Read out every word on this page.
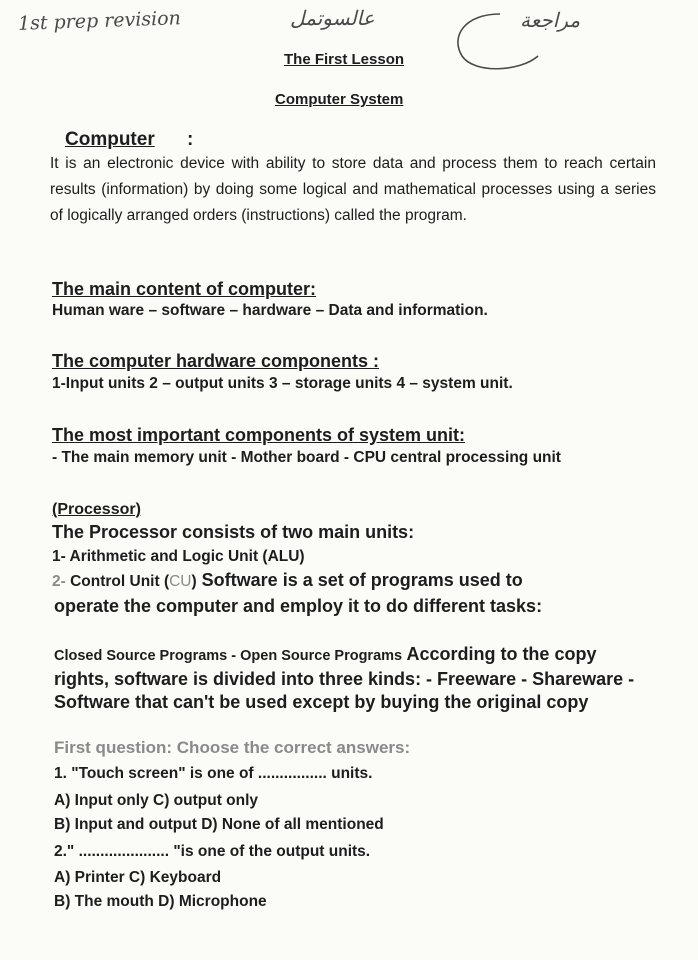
1st prep revision	عالسوتمل	مراجعة
The First Lesson
Computer System
Computer :
It is an electronic device with ability to store data and process them to reach certain results (information) by doing some logical and mathematical processes using a series of logically arranged orders (instructions) called the program.
The main content of computer:
Human ware – software – hardware – Data and information.
The computer hardware components :
1-Input units 2 – output units 3 – storage units 4 – system unit.
The most important components of system unit:
- The main memory unit - Mother board - CPU central processing unit
(Processor)
The Processor consists of two main units:
1- Arithmetic and Logic Unit (ALU)
2- Control Unit (CU) Software is a set of programs used to
operate the computer and employ it to do different tasks:
Closed Source Programs - Open Source Programs According to the copy rights, software is divided into three kinds: - Freeware - Shareware - Software that can't be used except by buying the original copy
First question: Choose the correct answers:
1. "Touch screen" is one of ................ units.
A) Input only C) output only
B) Input and output D) None of all mentioned
2." ..................... "is one of the output units.
A) Printer C) Keyboard
B) The mouth D) Microphone
